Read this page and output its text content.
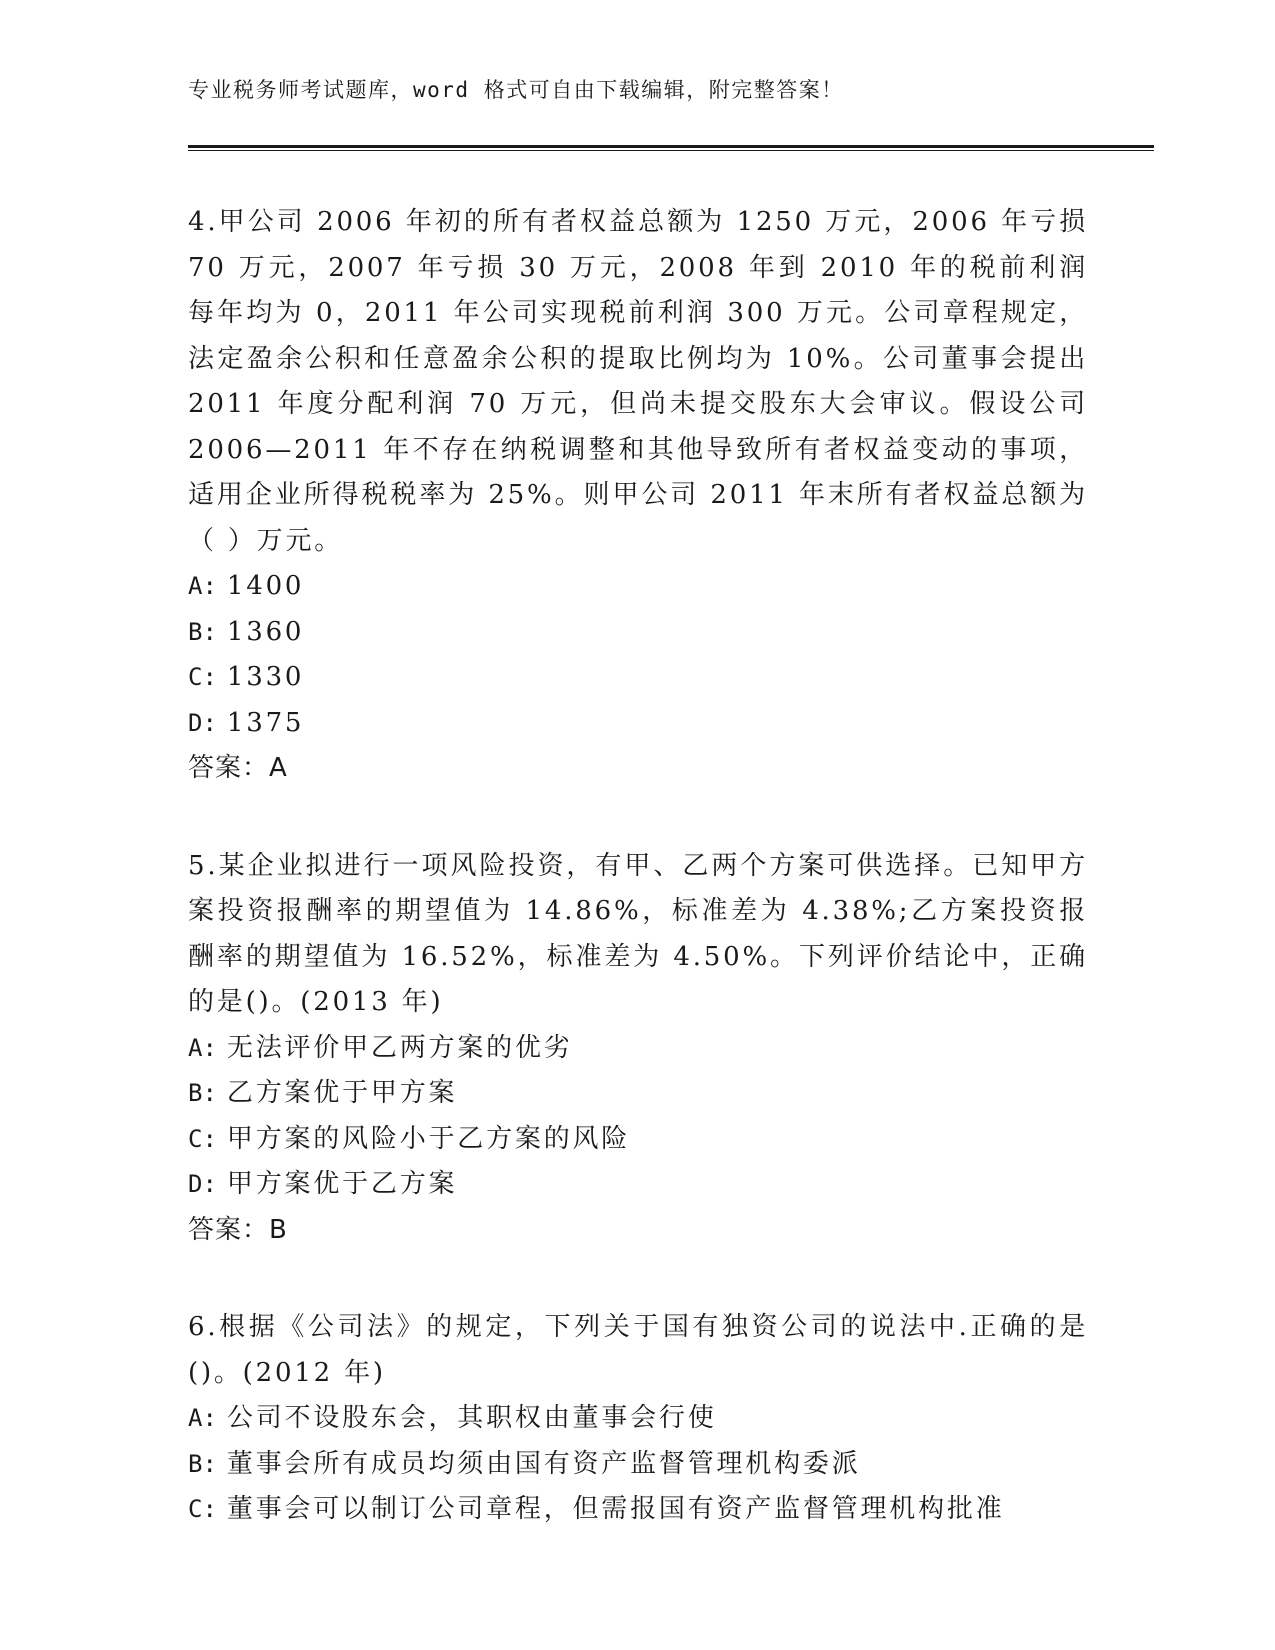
专业税务师考试题库，word 格式可自由下载编辑，附完整答案！
4.甲公司 2006 年初的所有者权益总额为 1250 万元，2006 年亏损 70 万元，2007 年亏损 30 万元，2008 年到 2010 年的税前利润每年均为 0，2011 年公司实现税前利润 300 万元。公司章程规定，法定盈余公积和任意盈余公积的提取比例均为 10%。公司董事会提出 2011 年度分配利润 70 万元，但尚未提交股东大会审议。假设公司 2006—2011 年不存在纳税调整和其他导致所有者权益变动的事项，适用企业所得税税率为 25%。则甲公司 2011 年末所有者权益总额为（ ）万元。
A: 1400
B: 1360
C: 1330
D: 1375
答案：A
5.某企业拟进行一项风险投资，有甲、乙两个方案可供选择。已知甲方案投资报酬率的期望值为 14.86%，标准差为 4.38%;乙方案投资报酬率的期望值为 16.52%，标准差为 4.50%。下列评价结论中，正确的是()。(2013 年)
A: 无法评价甲乙两方案的优劣
B: 乙方案优于甲方案
C: 甲方案的风险小于乙方案的风险
D: 甲方案优于乙方案
答案：B
6.根据《公司法》的规定，下列关于国有独资公司的说法中.正确的是()。(2012 年)
A: 公司不设股东会，其职权由董事会行使
B: 董事会所有成员均须由国有资产监督管理机构委派
C: 董事会可以制订公司章程，但需报国有资产监督管理机构批准
